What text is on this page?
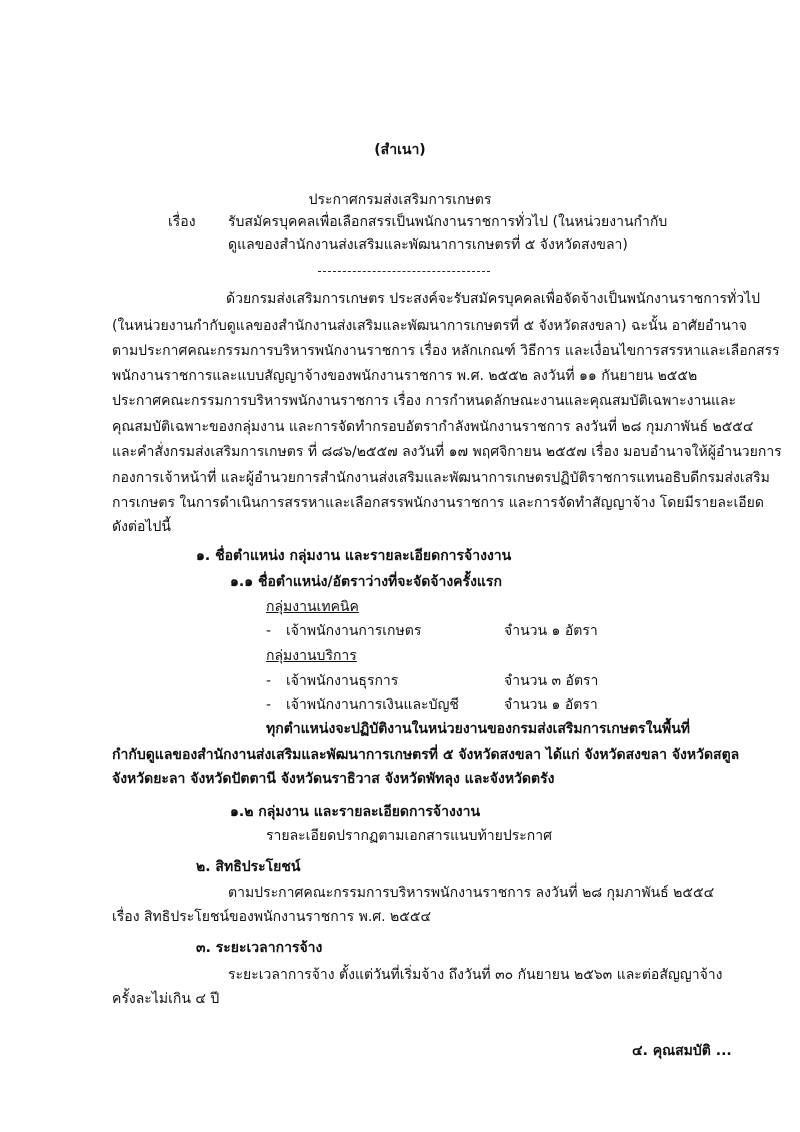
(สำเนา)
ประกาศกรมส่งเสริมการเกษตร
เรื่อง รับสมัครบุคคลเพื่อเลือกสรรเป็นพนักงานราชการทั่วไป (ในหน่วยงานกำกับ
ดูแลของสำนักงานส่งเสริมและพัฒนาการเกษตรที่ ๕ จังหวัดสงขลา)
ด้วยกรมส่งเสริมการเกษตร ประสงค์จะรับสมัครบุคคลเพื่อจัดจ้างเป็นพนักงานราชการทั่วไป
(ในหน่วยงานกำกับดูแลของสำนักงานส่งเสริมและพัฒนาการเกษตรที่ ๕ จังหวัดสงขลา) ฉะนั้น อาศัยอำนาจ
ตามประกาศคณะกรรมการบริหารพนักงานราชการ เรื่อง หลักเกณฑ์ วิธีการ และเงื่อนไขการสรรหาและเลือกสรร
พนักงานราชการและแบบสัญญาจ้างของพนักงานราชการ พ.ศ. ๒๕๕๒ ลงวันที่ ๑๑ กันยายน ๒๕๕๒
ประกาศคณะกรรมการบริหารพนักงานราชการ เรื่อง การกำหนดลักษณะงานและคุณสมบัติเฉพาะงานและ
คุณสมบัติเฉพาะของกลุ่มงาน และการจัดทำกรอบอัตรากำลังพนักงานราชการ ลงวันที่ ๒๘ กุมภาพันธ์ ๒๕๕๔
และคำสั่งกรมส่งเสริมการเกษตร ที่ ๘๘๖/๒๕๕๗ ลงวันที่ ๑๗ พฤศจิกายน ๒๕๕๗ เรื่อง มอบอำนาจให้ผู้อำนวยการ
กองการเจ้าหน้าที่ และผู้อำนวยการสำนักงานส่งเสริมและพัฒนาการเกษตรปฏิบัติราชการแทนอธิบดีกรมส่งเสริม
การเกษตร ในการดำเนินการสรรหาและเลือกสรรพนักงานราชการ และการจัดทำสัญญาจ้าง โดยมีรายละเอียด
ดังต่อไปนี้
๑. ชื่อตำแหน่ง กลุ่มงาน และรายละเอียดการจ้างงาน
๑.๑ ชื่อตำแหน่ง/อัตราว่างที่จะจัดจ้างครั้งแรก
กลุ่มงานเทคนิค
- เจ้าพนักงานการเกษตร	จำนวน ๑ อัตรา
กลุ่มงานบริการ
- เจ้าพนักงานธุรการ	จำนวน ๓ อัตรา
- เจ้าพนักงานการเงินและบัญชี	จำนวน ๑ อัตรา
ทุกตำแหน่งจะปฏิบัติงานในหน่วยงานของกรมส่งเสริมการเกษตรในพื้นที่
กำกับดูแลของสำนักงานส่งเสริมและพัฒนาการเกษตรที่ ๕ จังหวัดสงขลา ได้แก่ จังหวัดสงขลา จังหวัดสตูล
จังหวัดยะลา จังหวัดปัตตานี จังหวัดนราธิวาส จังหวัดพัทลุง และจังหวัดตรัง
๑.๒ กลุ่มงาน และรายละเอียดการจ้างงาน
รายละเอียดปรากฏตามเอกสารแนบท้ายประกาศ
๒. สิทธิประโยชน์
ตามประกาศคณะกรรมการบริหารพนักงานราชการ ลงวันที่ ๒๘ กุมภาพันธ์ ๒๕๕๔
เรื่อง สิทธิประโยชน์ของพนักงานราชการ พ.ศ. ๒๕๕๔
๓. ระยะเวลาการจ้าง
ระยะเวลาการจ้าง ตั้งแต่วันที่เริ่มจ้าง ถึงวันที่ ๓๐ กันยายน ๒๕๖๓ และต่อสัญญาจ้าง
ครั้งละไม่เกิน ๔ ปี
๔. คุณสมบัติ ...
